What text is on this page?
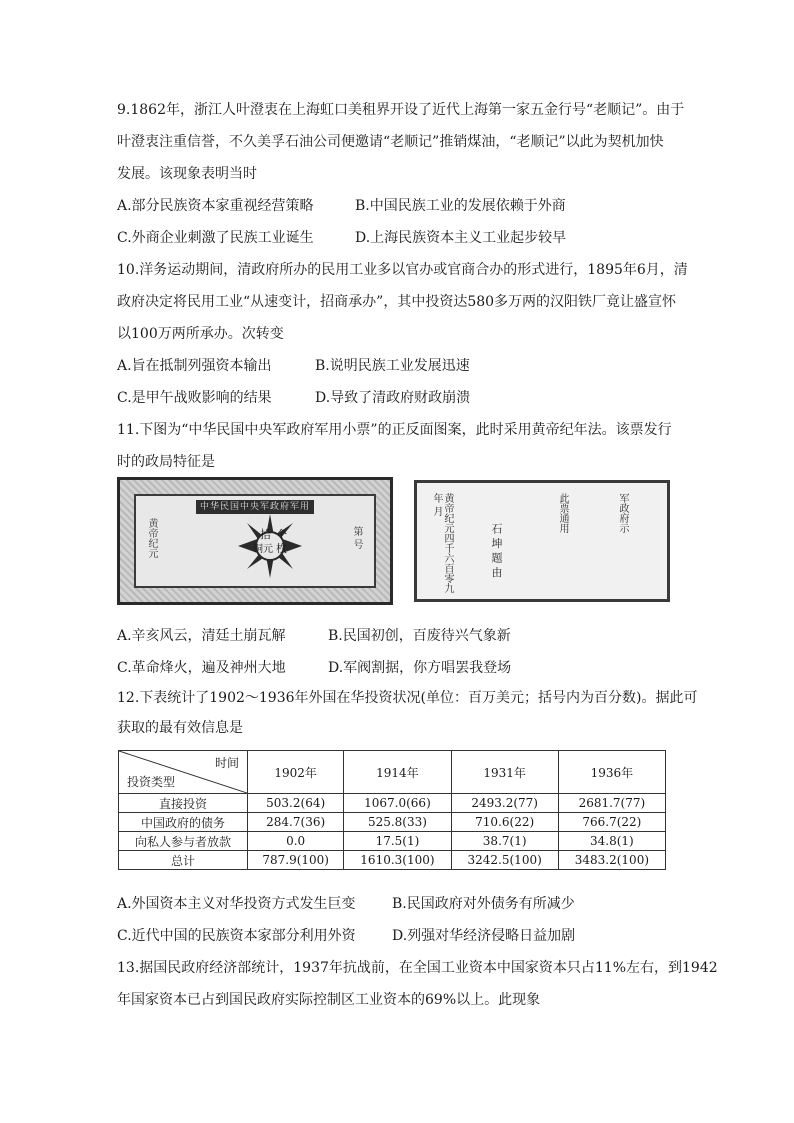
9.1862年，浙江人叶澄衷在上海虹口美租界开设了近代上海第一家五金行号“老顺记”。由于
叶澄衷注重信誉，不久美孚石油公司便邀请“老顺记”推销煤油，“老顺记”以此为契机加快
发展。该现象表明当时
A.部分民族资本家重视经营策略	B.中国民族工业的发展依赖于外商
C.外商企业刺激了民族工业诞生	D.上海民族资本主义工业起步较早
10.洋务运动期间，清政府所办的民用工业多以官办或官商合办的形式进行，1895年6月，清
政府决定将民用工业“从速变计，招商承办”，其中投资达580多万两的汉阳铁厂竟让盛宣怀
以100万两所承办。次转变
A.旨在抵制列强资本输出	B.说明民族工业发展迅速
C.是甲午战败影响的结果	D.导致了清政府财政崩溃
11.下图为“中华民国中央军政府军用小票”的正反面图案，此时采用黄帝纪年法。该票发行
时的政局特征是
中华民国中央军政府军用小票
黄帝纪元	第 号
拾 个
铜元 枚	黄帝纪元四千六百零九年 月
石 坤 题 由
此票通用	军政府示
A.辛亥风云，清廷土崩瓦解	B.民国初创，百废待兴气象新
C.革命烽火，遍及神州大地	D.军阀割据，你方唱罢我登场
12.下表统计了1902～1936年外国在华投资状况(单位：百万美元；括号内为百分数)。据此可
获取的最有效信息是
时间
投资类型	1902年	1914年	1931年	1936年
直接投资	503.2(64)	1067.0(66)	2493.2(77)	2681.7(77)
中国政府的债务	284.7(36)	525.8(33)	710.6(22)	766.7(22)
向私人参与者放款	0.0	17.5(1)	38.7(1)	34.8(1)
总计	787.9(100)	1610.3(100)	3242.5(100)	3483.2(100)
A.外国资本主义对华投资方式发生巨变	B.民国政府对外债务有所减少
C.近代中国的民族资本家部分利用外资	D.列强对华经济侵略日益加剧
13.据国民政府经济部统计，1937年抗战前，在全国工业资本中国家资本只占11%左右，到1942
年国家资本已占到国民政府实际控制区工业资本的69%以上。此现象
